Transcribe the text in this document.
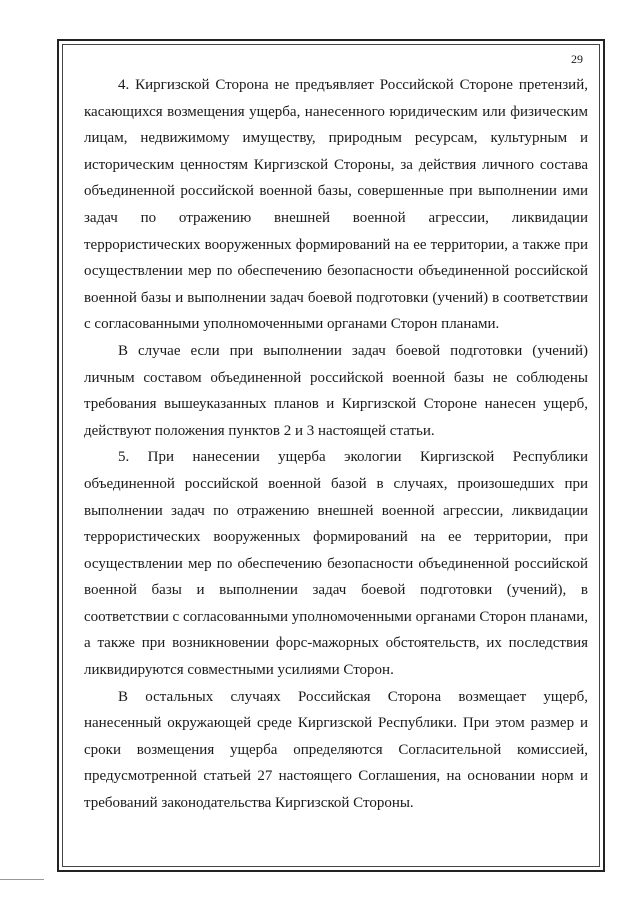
29

4. Киргизской Сторона не предъявляет Российской Стороне претензий, касающихся возмещения ущерба, нанесенного юридическим или физическим лицам, недвижимому имуществу, природным ресурсам, культурным и историческим ценностям Киргизской Стороны, за действия личного состава объединенной российской военной базы, совершенные при выполнении ими задач по отражению внешней военной агрессии, ликвидации террористических вооруженных формирований на ее территории, а также при осуществлении мер по обеспечению безопасности объединенной российской военной базы и выполнении задач боевой подготовки (учений) в соответствии с согласованными уполномоченными органами Сторон планами.

В случае если при выполнении задач боевой подготовки (учений) личным составом объединенной российской военной базы не соблюдены требования вышеуказанных планов и Киргизской Стороне нанесен ущерб, действуют положения пунктов 2 и 3 настоящей статьи.

5. При нанесении ущерба экологии Киргизской Республики объединенной российской военной базой в случаях, произошедших при выполнении задач по отражению внешней военной агрессии, ликвидации террористических вооруженных формирований на ее территории, при осуществлении мер по обеспечению безопасности объединенной российской военной базы и выполнении задач боевой подготовки (учений), в соответствии с согласованными уполномоченными органами Сторон планами, а также при возникновении форс-мажорных обстоятельств, их последствия ликвидируются совместными усилиями Сторон.

В остальных случаях Российская Сторона возмещает ущерб, нанесенный окружающей среде Киргизской Республики. При этом размер и сроки возмещения ущерба определяются Согласительной комиссией, предусмотренной статьей 27 настоящего Соглашения, на основании норм и требований законодательства Киргизской Стороны.
